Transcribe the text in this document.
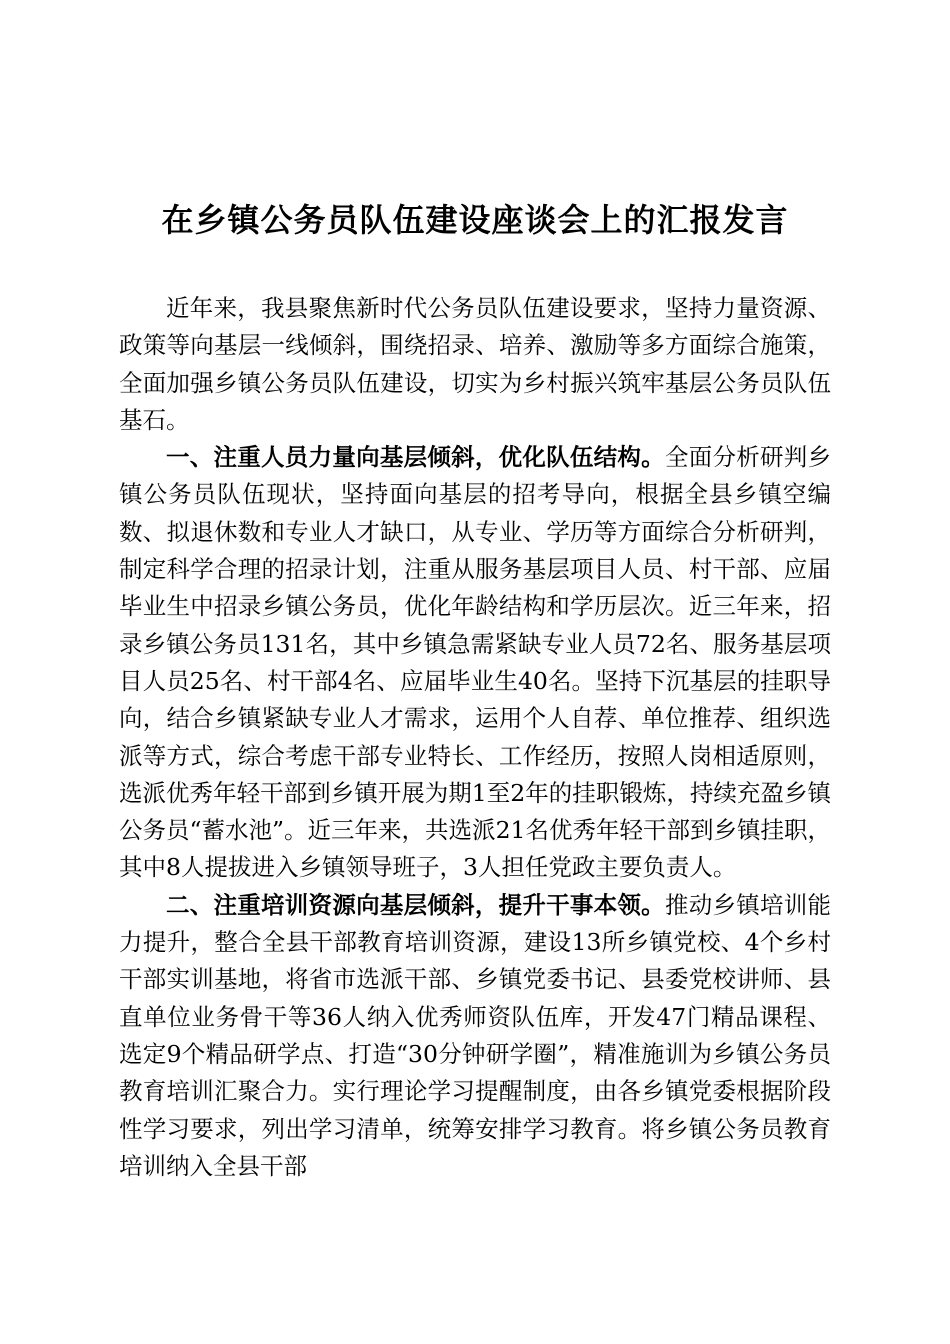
在乡镇公务员队伍建设座谈会上的汇报发言

近年来，我县聚焦新时代公务员队伍建设要求，坚持力量资源、政策等向基层一线倾斜，围绕招录、培养、激励等多方面综合施策，全面加强乡镇公务员队伍建设，切实为乡村振兴筑牢基层公务员队伍基石。

一、注重人员力量向基层倾斜，优化队伍结构。全面分析研判乡镇公务员队伍现状，坚持面向基层的招考导向，根据全县乡镇空编数、拟退休数和专业人才缺口，从专业、学历等方面综合分析研判，制定科学合理的招录计划，注重从服务基层项目人员、村干部、应届毕业生中招录乡镇公务员，优化年龄结构和学历层次。近三年来，招录乡镇公务员131名，其中乡镇急需紧缺专业人员72名、服务基层项目人员25名、村干部4名、应届毕业生40名。坚持下沉基层的挂职导向，结合乡镇紧缺专业人才需求，运用个人自荐、单位推荐、组织选派等方式，综合考虑干部专业特长、工作经历，按照人岗相适原则，选派优秀年轻干部到乡镇开展为期1至2年的挂职锻炼，持续充盈乡镇公务员“蓄水池”。近三年来，共选派21名优秀年轻干部到乡镇挂职，其中8人提拔进入乡镇领导班子，3人担任党政主要负责人。

二、注重培训资源向基层倾斜，提升干事本领。推动乡镇培训能力提升，整合全县干部教育培训资源，建设13所乡镇党校、4个乡村干部实训基地，将省市选派干部、乡镇党委书记、县委党校讲师、县直单位业务骨干等36人纳入优秀师资队伍库，开发47门精品课程、选定9个精品研学点、打造“30分钟研学圈”，精准施训为乡镇公务员教育培训汇聚合力。实行理论学习提醒制度，由各乡镇党委根据阶段性学习要求，列出学习清单，统筹安排学习教育。将乡镇公务员教育培训纳入全县干部
